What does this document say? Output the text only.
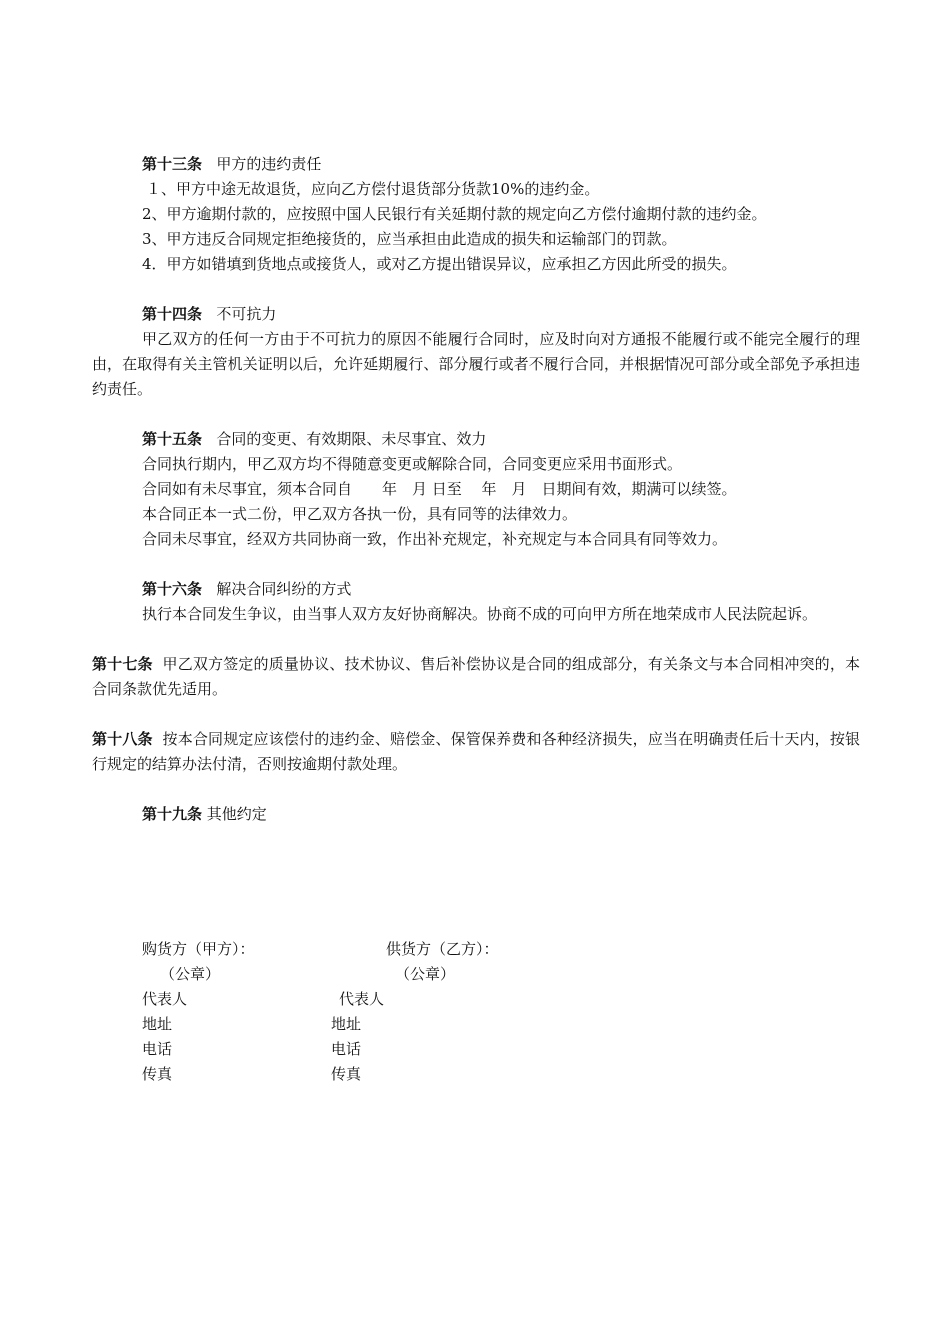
第十三条 甲方的违约责任

１、甲方中途无故退货，应向乙方偿付退货部分货款10%的违约金。

2、甲方逾期付款的，应按照中国人民银行有关延期付款的规定向乙方偿付逾期付款的违约金。

3、甲方违反合同规定拒绝接货的，应当承担由此造成的损失和运输部门的罚款。

4．甲方如错填到货地点或接货人，或对乙方提出错误异议，应承担乙方因此所受的损失。

第十四条 不可抗力

甲乙双方的任何一方由于不可抗力的原因不能履行合同时，应及时向对方通报不能履行或不能完全履行的理由，在取得有关主管机关证明以后，允许延期履行、部分履行或者不履行合同，并根据情况可部分或全部免予承担违约责任。

第十五条 合同的变更、有效期限、未尽事宜、效力

合同执行期内，甲乙双方均不得随意变更或解除合同，合同变更应采用书面形式。

合同如有未尽事宜，须本合同自　　年　月 日至　 年　月　日期间有效，期满可以续签。

本合同正本一式二份，甲乙双方各执一份，具有同等的法律效力。

合同未尽事宜，经双方共同协商一致，作出补充规定，补充规定与本合同具有同等效力。

第十六条 解决合同纠纷的方式

执行本合同发生争议，由当事人双方友好协商解决。协商不成的可向甲方所在地荣成市人民法院起诉。

第十七条 甲乙双方签定的质量协议、技术协议、售后补偿协议是合同的组成部分，有关条文与本合同相冲突的，本合同条款优先适用。

第十八条 按本合同规定应该偿付的违约金、赔偿金、保管保养费和各种经济损失，应当在明确责任后十天内，按银行规定的结算办法付清，否则按逾期付款处理。

第十九条 其他约定

购货方（甲方）：	供货方（乙方）：
（公章）	（公章）
代表人	代表人
地址	地址
电话	电话
传真	传真
